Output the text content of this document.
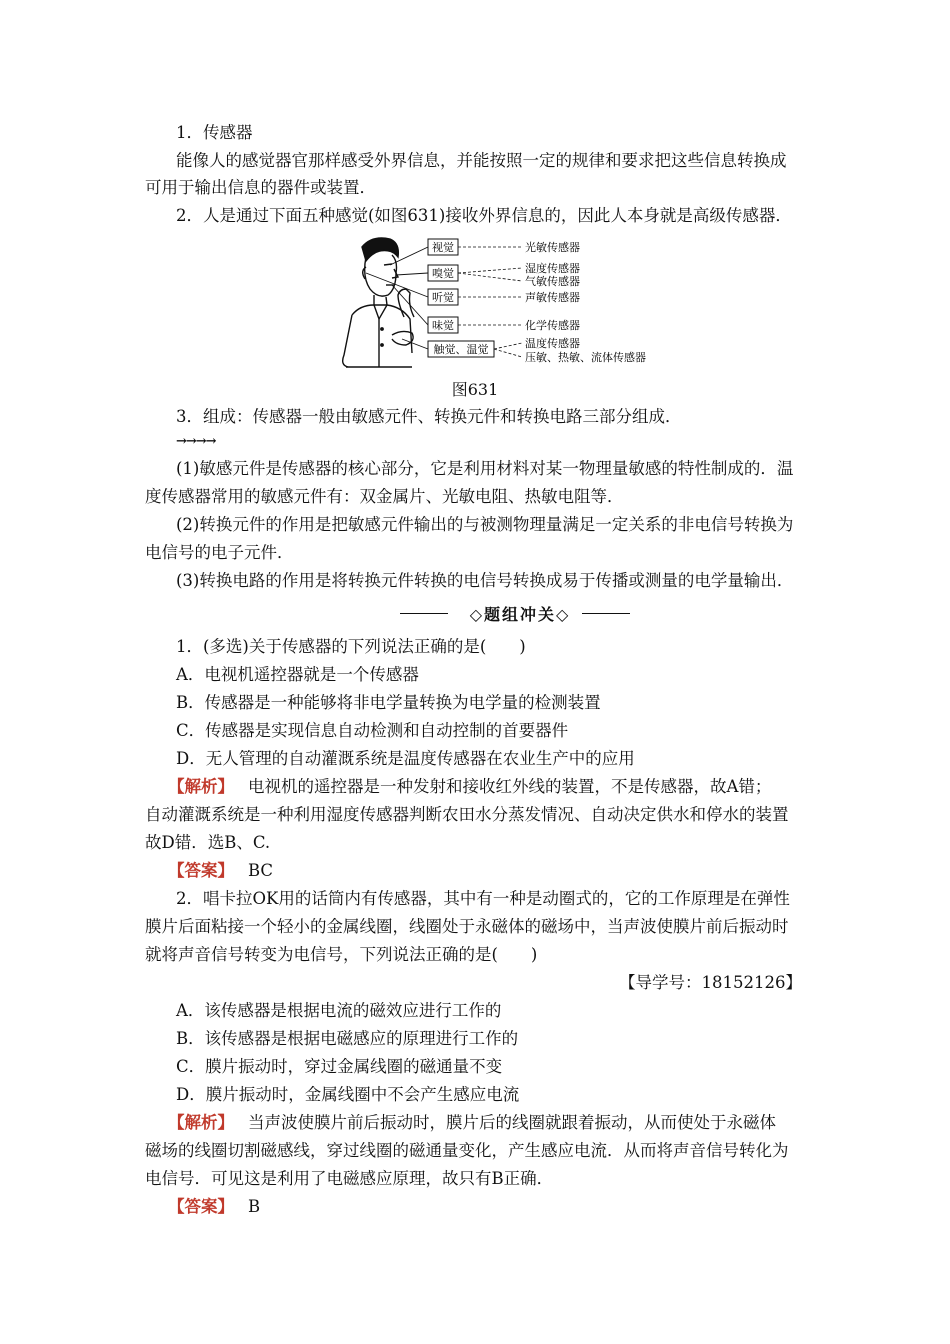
1．传感器
能像人的感觉器官那样感受外界信息，并能按照一定的规律和要求把这些信息转换成
可用于输出信息的器件或装置．
2．人是通过下面五种感觉(如图631)接收外界信息的，因此人本身就是高级传感器．
视觉
嗅觉
听觉
味觉
触觉、温觉
光敏传感器
湿度传感器
气敏传感器
声敏传感器
化学传感器
温度传感器
压敏、热敏、流体传感器
图631
3．组成：传感器一般由敏感元件、转换元件和转换电路三部分组成．
→→→→
(1)敏感元件是传感器的核心部分，它是利用材料对某一物理量敏感的特性制成的．温
度传感器常用的敏感元件有：双金属片、光敏电阻、热敏电阻等．
(2)转换元件的作用是把敏感元件输出的与被测物理量满足一定关系的非电信号转换为
电信号的电子元件．
(3)转换电路的作用是将转换元件转换的电信号转换成易于传播或测量的电学量输出．
◇题组冲关◇
1．(多选)关于传感器的下列说法正确的是(　　)
A．电视机遥控器就是一个传感器
B．传感器是一种能够将非电学量转换为电学量的检测装置
C．传感器是实现信息自动检测和自动控制的首要器件
D．无人管理的自动灌溉系统是温度传感器在农业生产中的应用
【解析】 电视机的遥控器是一种发射和接收红外线的装置，不是传感器，故A错；
自动灌溉系统是一种利用湿度传感器判断农田水分蒸发情况、自动决定供水和停水的装置
故D错．选B、C.
【答案】 BC
2．唱卡拉OK用的话筒内有传感器，其中有一种是动圈式的，它的工作原理是在弹性
膜片后面粘接一个轻小的金属线圈，线圈处于永磁体的磁场中，当声波使膜片前后振动时
就将声音信号转变为电信号，下列说法正确的是(　　)
【导学号：18152126】
A．该传感器是根据电流的磁效应进行工作的
B．该传感器是根据电磁感应的原理进行工作的
C．膜片振动时，穿过金属线圈的磁通量不变
D．膜片振动时，金属线圈中不会产生感应电流
【解析】 当声波使膜片前后振动时，膜片后的线圈就跟着振动，从而使处于永磁体
磁场的线圈切割磁感线，穿过线圈的磁通量变化，产生感应电流．从而将声音信号转化为
电信号．可见这是利用了电磁感应原理，故只有B正确．
【答案】 B
